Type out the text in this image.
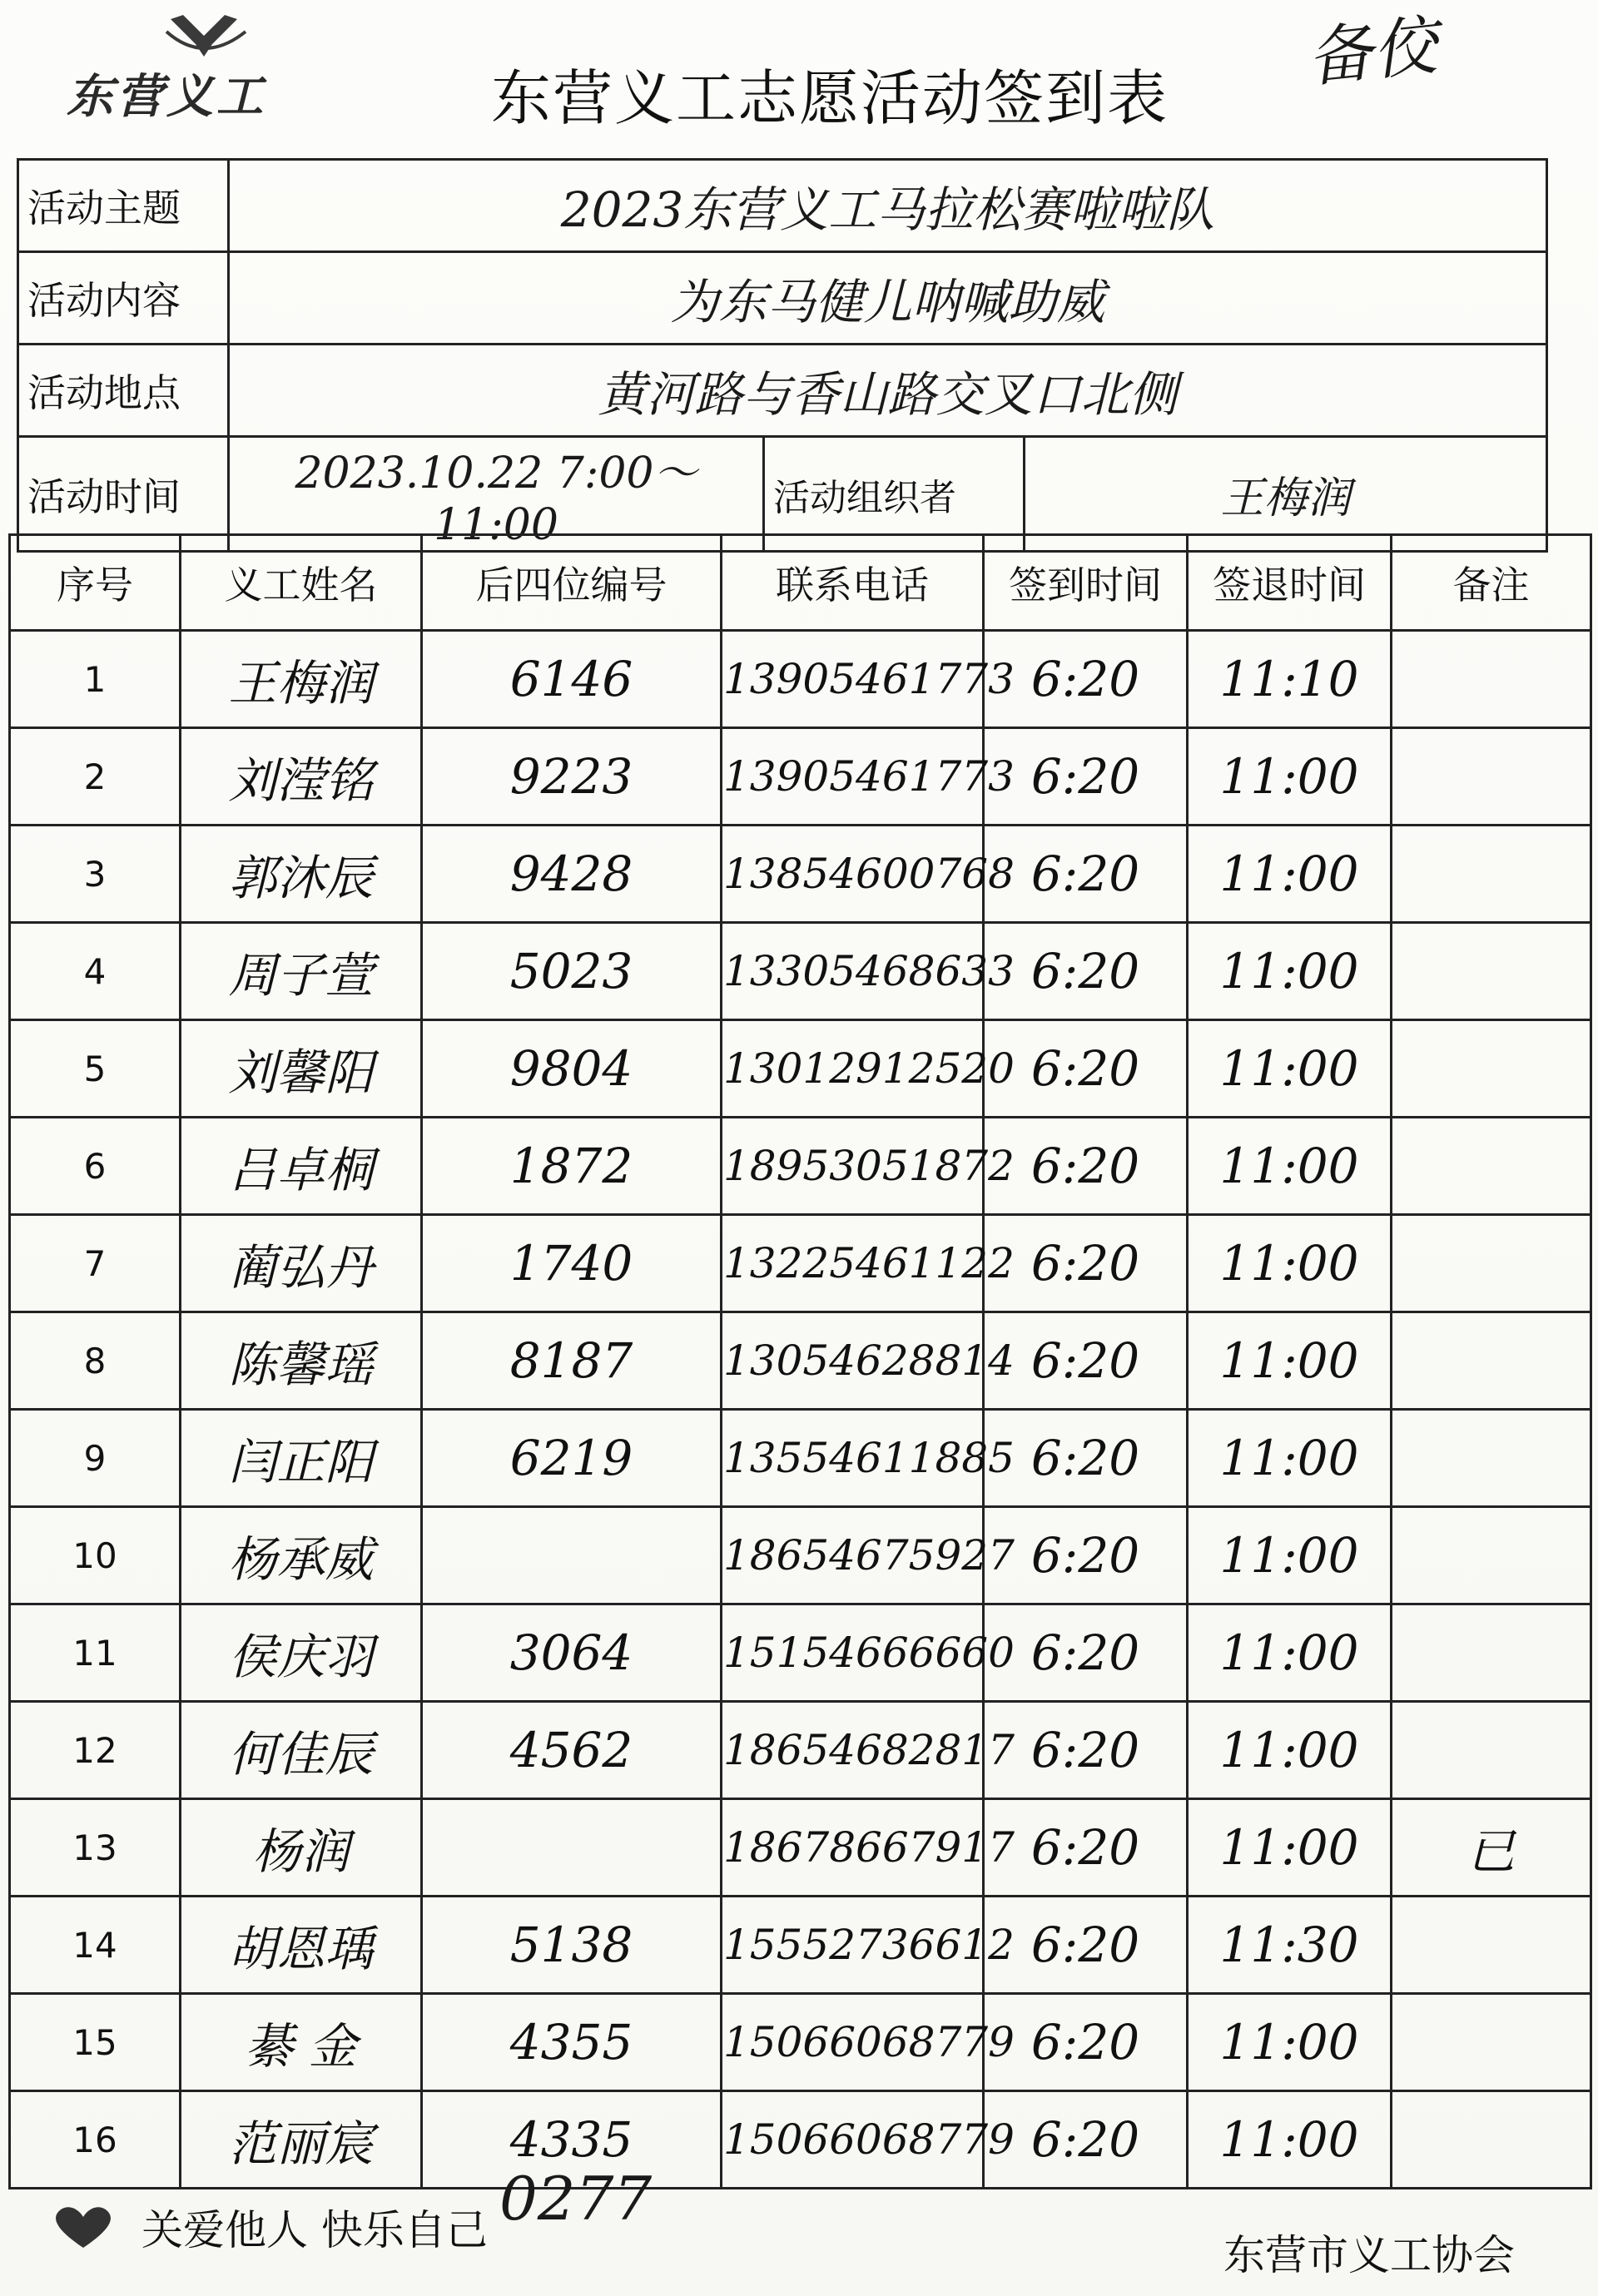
东营义工	东营义工志愿活动签到表
备佼
活动主题	2023东营义工马拉松赛啦啦队		
活动内容	为东马健儿呐喊助威		
活动地点	黄河路与香山路交叉口北侧		
活动时间	2023.10.22 7:00～11:00	活动组织者	王梅润
序号	义工姓名	后四位编号	联系电话	签到时间	签退时间	备注
1	王梅润	6146	13905461773	6:20	11:10	
2	刘滢铭	9223	13905461773	6:20	11:00	
3	郭沐辰	9428	13854600768	6:20	11:00	
4	周子萱	5023	13305468633	6:20	11:00	
5	刘馨阳	9804	13012912520	6:20	11:00	
6	吕卓桐	1872	18953051872	6:20	11:00	
7	蔺弘丹	1740	13225461122	6:20	11:00	
8	陈馨瑶	8187	13054628814	6:20	11:00	
9	闫正阳	6219	13554611885	6:20	11:00	
10	杨承威		18654675927	6:20	11:00	
11	侯庆羽	3064	15154666660	6:20	11:00	
12	何佳辰	4562	18654682817	6:20	11:00	
13	杨润		18678667917	6:20	11:00	已
14	胡恩瑀	5138	15552736612	6:20	11:30	
15	綦 金	4355	15066068779	6:20	11:00	
16	范丽宸	4335	15066068779	6:20	11:00	
0277
关爱他人 快乐自己
东营市义工协会
